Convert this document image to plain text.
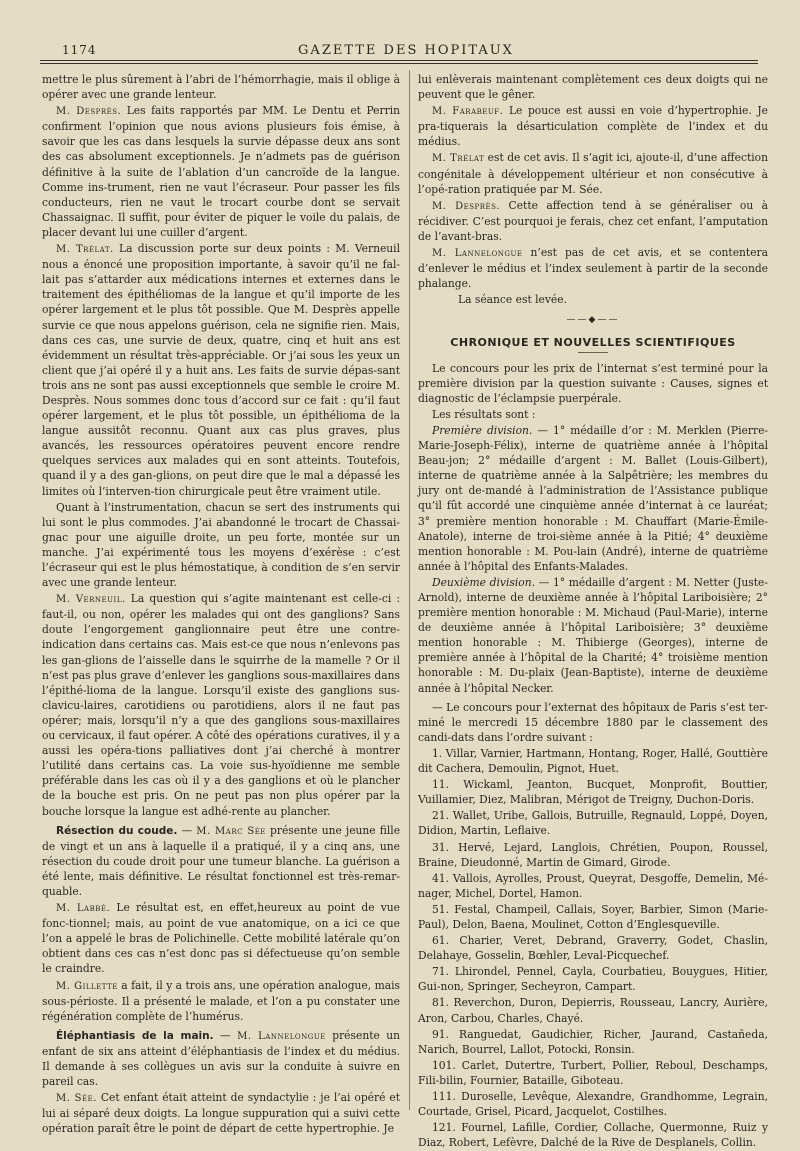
1174	GAZETTE DES HOPITAUX

mettre le plus sûrement à l’abri de l’hémorrhagie, mais il oblige à opérer avec une grande lenteur.

M. Desprès. Les faits rapportés par MM. Le Dentu et Perrin confirment l’opinion que nous avions plusieurs fois émise, à savoir que les cas dans lesquels la survie dépasse deux ans sont des cas absolument exceptionnels. Je n’admets pas de guérison définitive à la suite de l’ablation d’un cancroïde de la langue. Comme ins-trument, rien ne vaut l’écraseur. Pour passer les fils conducteurs, rien ne vaut le trocart courbe dont se servait Chassaignac. Il suffit, pour éviter de piquer le voile du palais, de placer devant lui une cuiller d’argent.

M. Trélat. La discussion porte sur deux points : M. Verneuil nous a énoncé une proposition importante, à savoir qu’il ne fal-lait pas s’attarder aux médications internes et externes dans le traitement des épithéliomas de la langue et qu’il importe de les opérer largement et le plus tôt possible. Que M. Desprès appelle survie ce que nous appelons guérison, cela ne signifie rien. Mais, dans ces cas, une survie de deux, quatre, cinq et huit ans est évidemment un résultat très-appréciable. Or j’ai sous les yeux un client que j’ai opéré il y a huit ans. Les faits de survie dépas-sant trois ans ne sont pas aussi exceptionnels que semble le croire M. Desprès. Nous sommes donc tous d’accord sur ce fait : qu’il faut opérer largement, et le plus tôt possible, un épithélioma de la langue aussitôt reconnu. Quant aux cas plus graves, plus avancés, les ressources opératoires peuvent encore rendre quelques services aux malades qui en sont atteints. Toutefois, quand il y a des gan-glions, on peut dire que le mal a dépassé les limites où l’interven-tion chirurgicale peut être vraiment utile.

Quant à l’instrumentation, chacun se sert des instruments qui lui sont le plus commodes. J’ai abandonné le trocart de Chassai-gnac pour une aiguille droite, un peu forte, montée sur un manche. J’ai expérimenté tous les moyens d’exérèse : c’est l’écraseur qui est le plus hémostatique, à condition de s’en servir avec une grande lenteur.

M. Verneuil. La question qui s’agite maintenant est celle-ci : faut-il, ou non, opérer les malades qui ont des ganglions? Sans doute l’engorgement ganglionnaire peut être une contre-indication dans certains cas. Mais est-ce que nous n’enlevons pas les gan-glions de l’aisselle dans le squirrhe de la mamelle ? Or il n’est pas plus grave d’enlever les ganglions sous-maxillaires dans l’épithé-lioma de la langue. Lorsqu’il existe des ganglions sus-clavicu-laires, carotidiens ou parotidiens, alors il ne faut pas opérer; mais, lorsqu’il n’y a que des ganglions sous-maxillaires ou cervicaux, il faut opérer. A côté des opérations curatives, il y a aussi les opéra-tions palliatives dont j’ai cherché à montrer l’utilité dans certains cas. La voie sus-hyoïdienne me semble préférable dans les cas où il y a des ganglions et où le plancher de la bouche est pris. On ne peut pas non plus opérer par la bouche lorsque la langue est adhé-rente au plancher.

Résection du coude. — M. Marc Sée présente une jeune fille de vingt et un ans à laquelle il a pratiqué, il y a cinq ans, une résection du coude droit pour une tumeur blanche. La guérison a été lente, mais définitive. Le résultat fonctionnel est très-remar-quable.

M. Labbé. Le résultat est, en effet,heureux au point de vue fonc-tionnel; mais, au point de vue anatomique, on a ici ce que l’on a appelé le bras de Polichinelle. Cette mobilité latérale qu’on obtient dans ces cas n’est donc pas si défectueuse qu’on semble le craindre.

M. Gillette a fait, il y a trois ans, une opération analogue, mais sous-périoste. Il a présenté le malade, et l’on a pu constater une régénération complète de l’humérus.

Éléphantiasis de la main. — M. Lannelongue présente un enfant de six ans atteint d’éléphantiasis de l’index et du médius. Il demande à ses collègues un avis sur la conduite à suivre en pareil cas.

M. Sée. Cet enfant était atteint de syndactylie : je l’ai opéré et lui ai séparé deux doigts. La longue suppuration qui a suivi cette opération paraît être le point de départ de cette hypertrophie. Je

lui enlèverais maintenant complètement ces deux doigts qui ne peuvent que le gêner.

M. Farabeuf. Le pouce est aussi en voie d’hypertrophie. Je pra-tiquerais la désarticulation complète de l’index et du médius.

M. Trélat est de cet avis. Il s’agit ici, ajoute-il, d’une affection congénitale à développement ultérieur et non consécutive à l’opé-ration pratiquée par M. Sée.

M. Desprès. Cette affection tend à se généraliser ou à récidiver. C’est pourquoi je ferais, chez cet enfant, l’amputation de l’avant-bras.

M. Lannelongue n’est pas de cet avis, et se contentera d’enlever le médius et l’index seulement à partir de la seconde phalange.

La séance est levée.

——◆——

CHRONIQUE ET NOUVELLES SCIENTIFIQUES

Le concours pour les prix de l’internat s’est terminé pour la première division par la question suivante : Causes, signes et diagnostic de l’éclampsie puerpérale.

Les résultats sont :

Première division. — 1° médaille d’or : M. Merklen (Pierre-Marie-Joseph-Félix), interne de quatrième année à l’hôpital Beau-jon; 2° médaille d’argent : M. Ballet (Louis-Gilbert), interne de quatrième année à la Salpêtrière; les membres du jury ont de-mandé à l’administration de l’Assistance publique qu’il fût accordé une cinquième année d’internat à ce lauréat; 3° première mention honorable : M. Chauffart (Marie-Émile-Anatole), interne de troi-sième année à la Pitié; 4° deuxième mention honorable : M. Pou-lain (André), interne de quatrième année à l’hôpital des Enfants-Malades.

Deuxième division. — 1° médaille d’argent : M. Netter (Juste-Arnold), interne de deuxième année à l’hôpital Lariboisière; 2° première mention honorable : M. Michaud (Paul-Marie), interne de deuxième année à l’hôpital Lariboisière; 3° deuxième mention honorable : M. Thibierge (Georges), interne de première année à l’hôpital de la Charité; 4° troisième mention honorable : M. Du-plaix (Jean-Baptiste), interne de deuxième année à l’hôpital Necker.

— Le concours pour l’externat des hôpitaux de Paris s’est ter-miné le mercredi 15 décembre 1880 par le classement des candi-dats dans l’ordre suivant :

1. Villar, Varnier, Hartmann, Hontang, Roger, Hallé, Gouttière dit Cachera, Demoulin, Pignot, Huet.

11. Wickaml, Jeanton, Bucquet, Monprofit, Bouttier, Vuillamier, Diez, Malibran, Mérigot de Treigny, Duchon-Doris.

21. Wallet, Uribe, Gallois, Butruille, Regnauld, Loppé, Doyen, Didion, Martin, Leflaive.

31. Hervé, Lejard, Langlois, Chrétien, Poupon, Roussel, Braine, Dieudonné, Martin de Gimard, Girode.

41. Vallois, Ayrolles, Proust, Queyrat, Desgoffe, Demelin, Mé-nager, Michel, Dortel, Hamon.

51. Festal, Champeil, Callais, Soyer, Barbier, Simon (Marie-Paul), Delon, Baena, Moulinet, Cotton d’Englesqueville.

61. Charier, Veret, Debrand, Graverry, Godet, Chaslin, Delahaye, Gosselin, Bœhler, Leval-Picquechef.

71. Lhirondel, Pennel, Cayla, Courbatieu, Bouygues, Hitier, Gui-non, Springer, Secheyron, Campart.

81. Reverchon, Duron, Depierris, Rousseau, Lancry, Aurière, Aron, Carbou, Charles, Chayé.

91. Ranguedat, Gaudichier, Richer, Jaurand, Castañeda, Narich, Bourrel, Lallot, Potocki, Ronsin.

101. Carlet, Dutertre, Turbert, Pollier, Reboul, Deschamps, Fili-bilin, Fournier, Bataille, Giboteau.

111. Duroselle, Levêque, Alexandre, Grandhomme, Legrain, Courtade, Grisel, Picard, Jacquelot, Costilhes.

121. Fournel, Lafille, Cordier, Collache, Quermonne, Ruiz y Diaz, Robert, Lefèvre, Dalché de la Rive de Desplanels, Collin.
